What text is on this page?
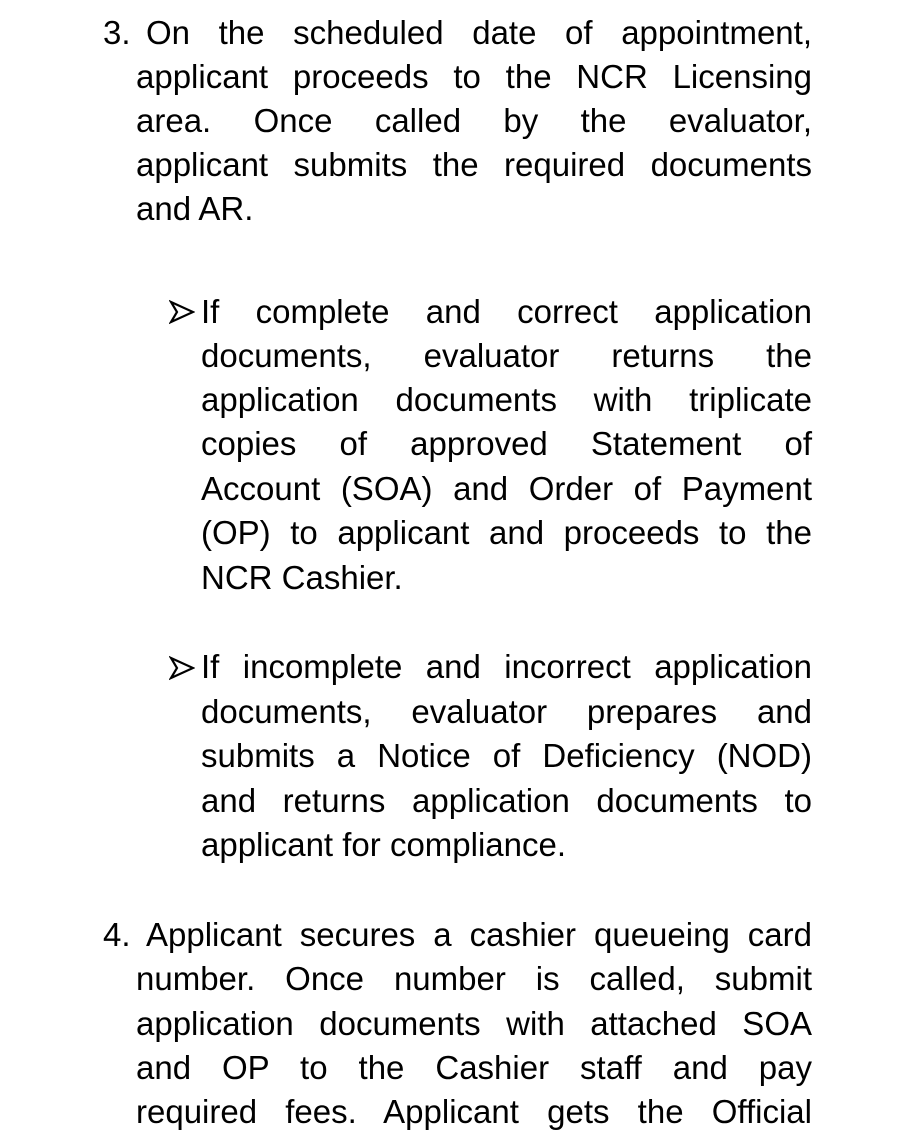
3. On the scheduled date of appointment,

applicant proceeds to the NCR Licensing

area. Once called by the evaluator,

applicant submits the required documents

and AR.

If complete and correct application

documents, evaluator returns the

application documents with triplicate

copies of approved Statement of

Account (SOA) and Order of Payment

(OP) to applicant and proceeds to the

NCR Cashier.

If incomplete and incorrect application

documents, evaluator prepares and

submits a Notice of Deficiency (NOD)

and returns application documents to

applicant for compliance.

4. Applicant secures a cashier queueing card

number. Once number is called, submit

application documents with attached SOA

and OP to the Cashier staff and pay

required fees. Applicant gets the Official
